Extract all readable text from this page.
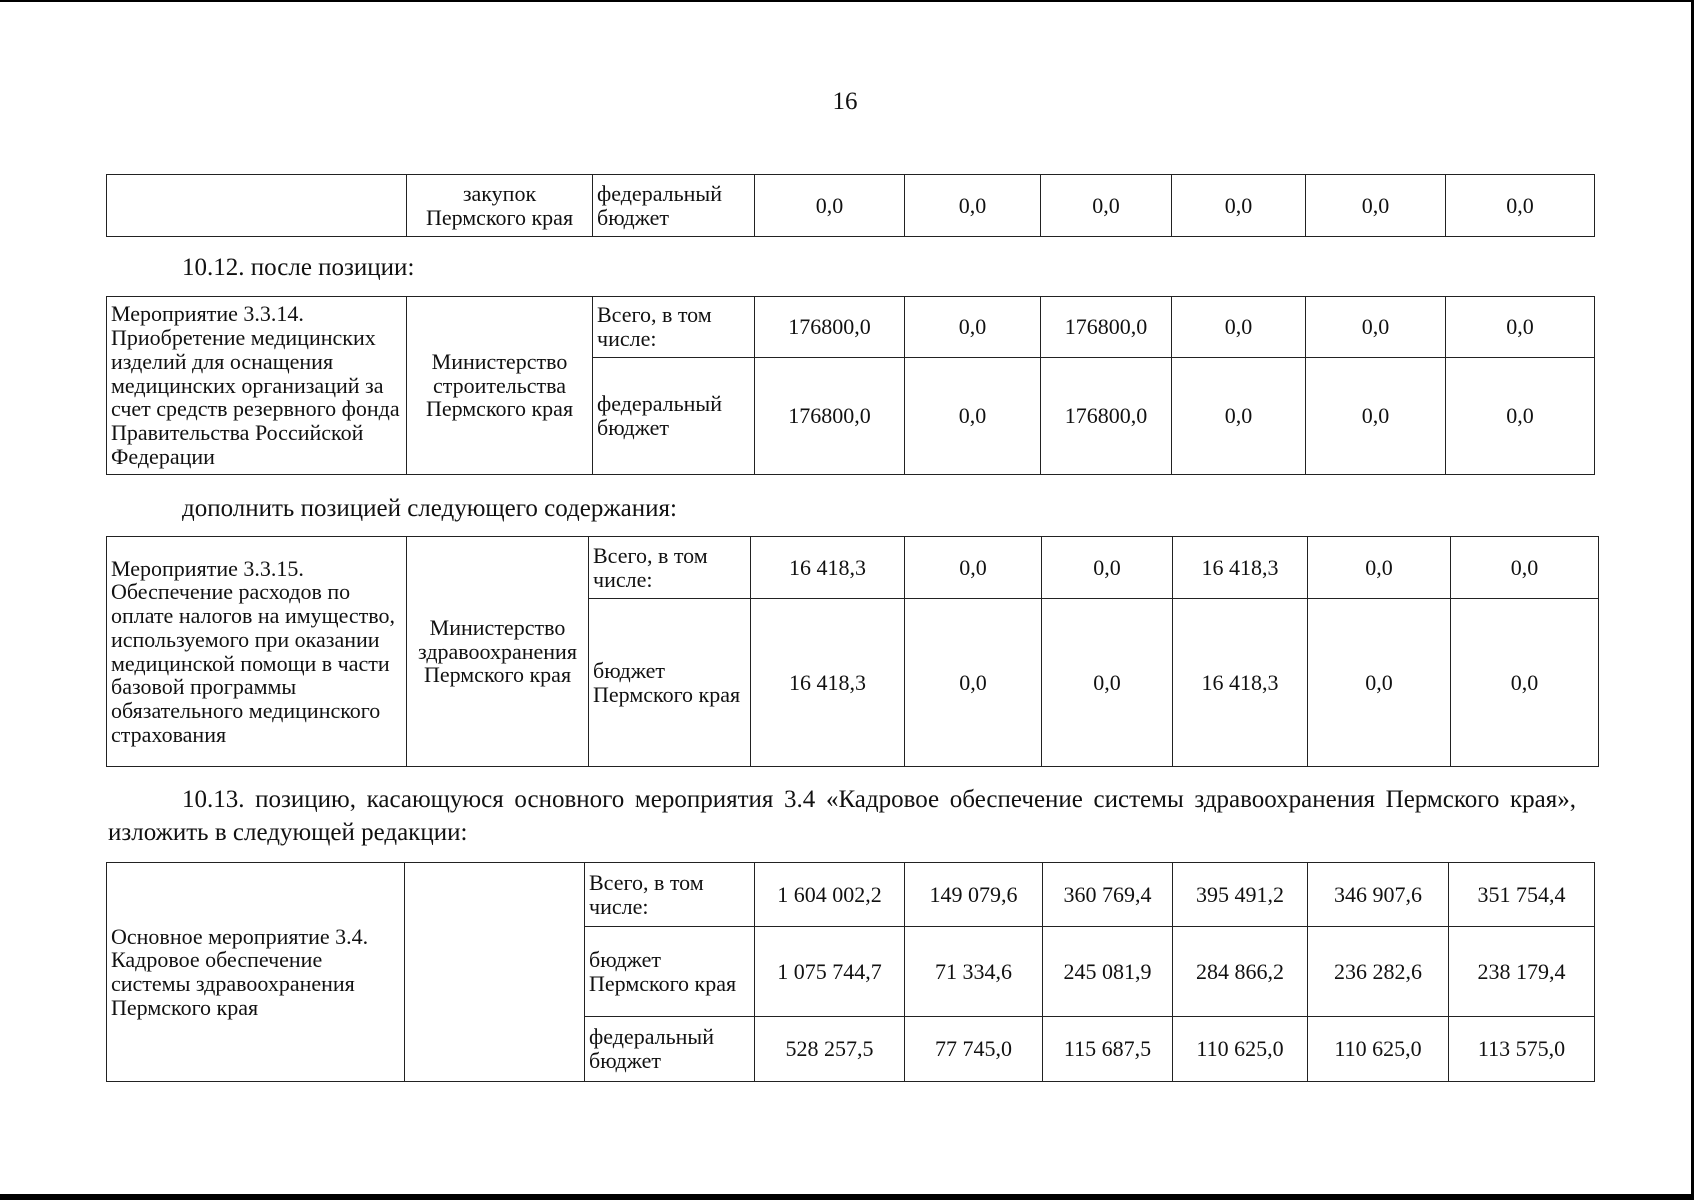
16
	закупок Пермского края	федеральный бюджет	0,0	0,0	0,0	0,0	0,0	0,0
10.12. после позиции:
Мероприятие 3.3.14. Приобретение медицинских изделий для оснащения медицинских организаций за счет средств резервного фонда Правительства Российской Федерации	Министерство строительства Пермского края	Всего, в том числе:	176800,0	0,0	176800,0	0,0	0,0	0,0
		федеральный бюджет	176800,0	0,0	176800,0	0,0	0,0	0,0
дополнить позицией следующего содержания:
Мероприятие 3.3.15. Обеспечение расходов по оплате налогов на имущество, используемого при оказании медицинской помощи в части базовой программы обязательного медицинского страхования	Министерство здравоохранения Пермского края	Всего, в том числе:	16 418,3	0,0	0,0	16 418,3	0,0	0,0
		бюджет Пермского края	16 418,3	0,0	0,0	16 418,3	0,0	0,0
10.13. позицию, касающуюся основного мероприятия 3.4 «Кадровое обеспечение системы здравоохранения Пермского края», изложить в следующей редакции:
Основное мероприятие 3.4. Кадровое обеспечение системы здравоохранения Пермского края		Всего, в том числе:	1 604 002,2	149 079,6	360 769,4	395 491,2	346 907,6	351 754,4
		бюджет Пермского края	1 075 744,7	71 334,6	245 081,9	284 866,2	236 282,6	238 179,4
		федеральный бюджет	528 257,5	77 745,0	115 687,5	110 625,0	110 625,0	113 575,0
